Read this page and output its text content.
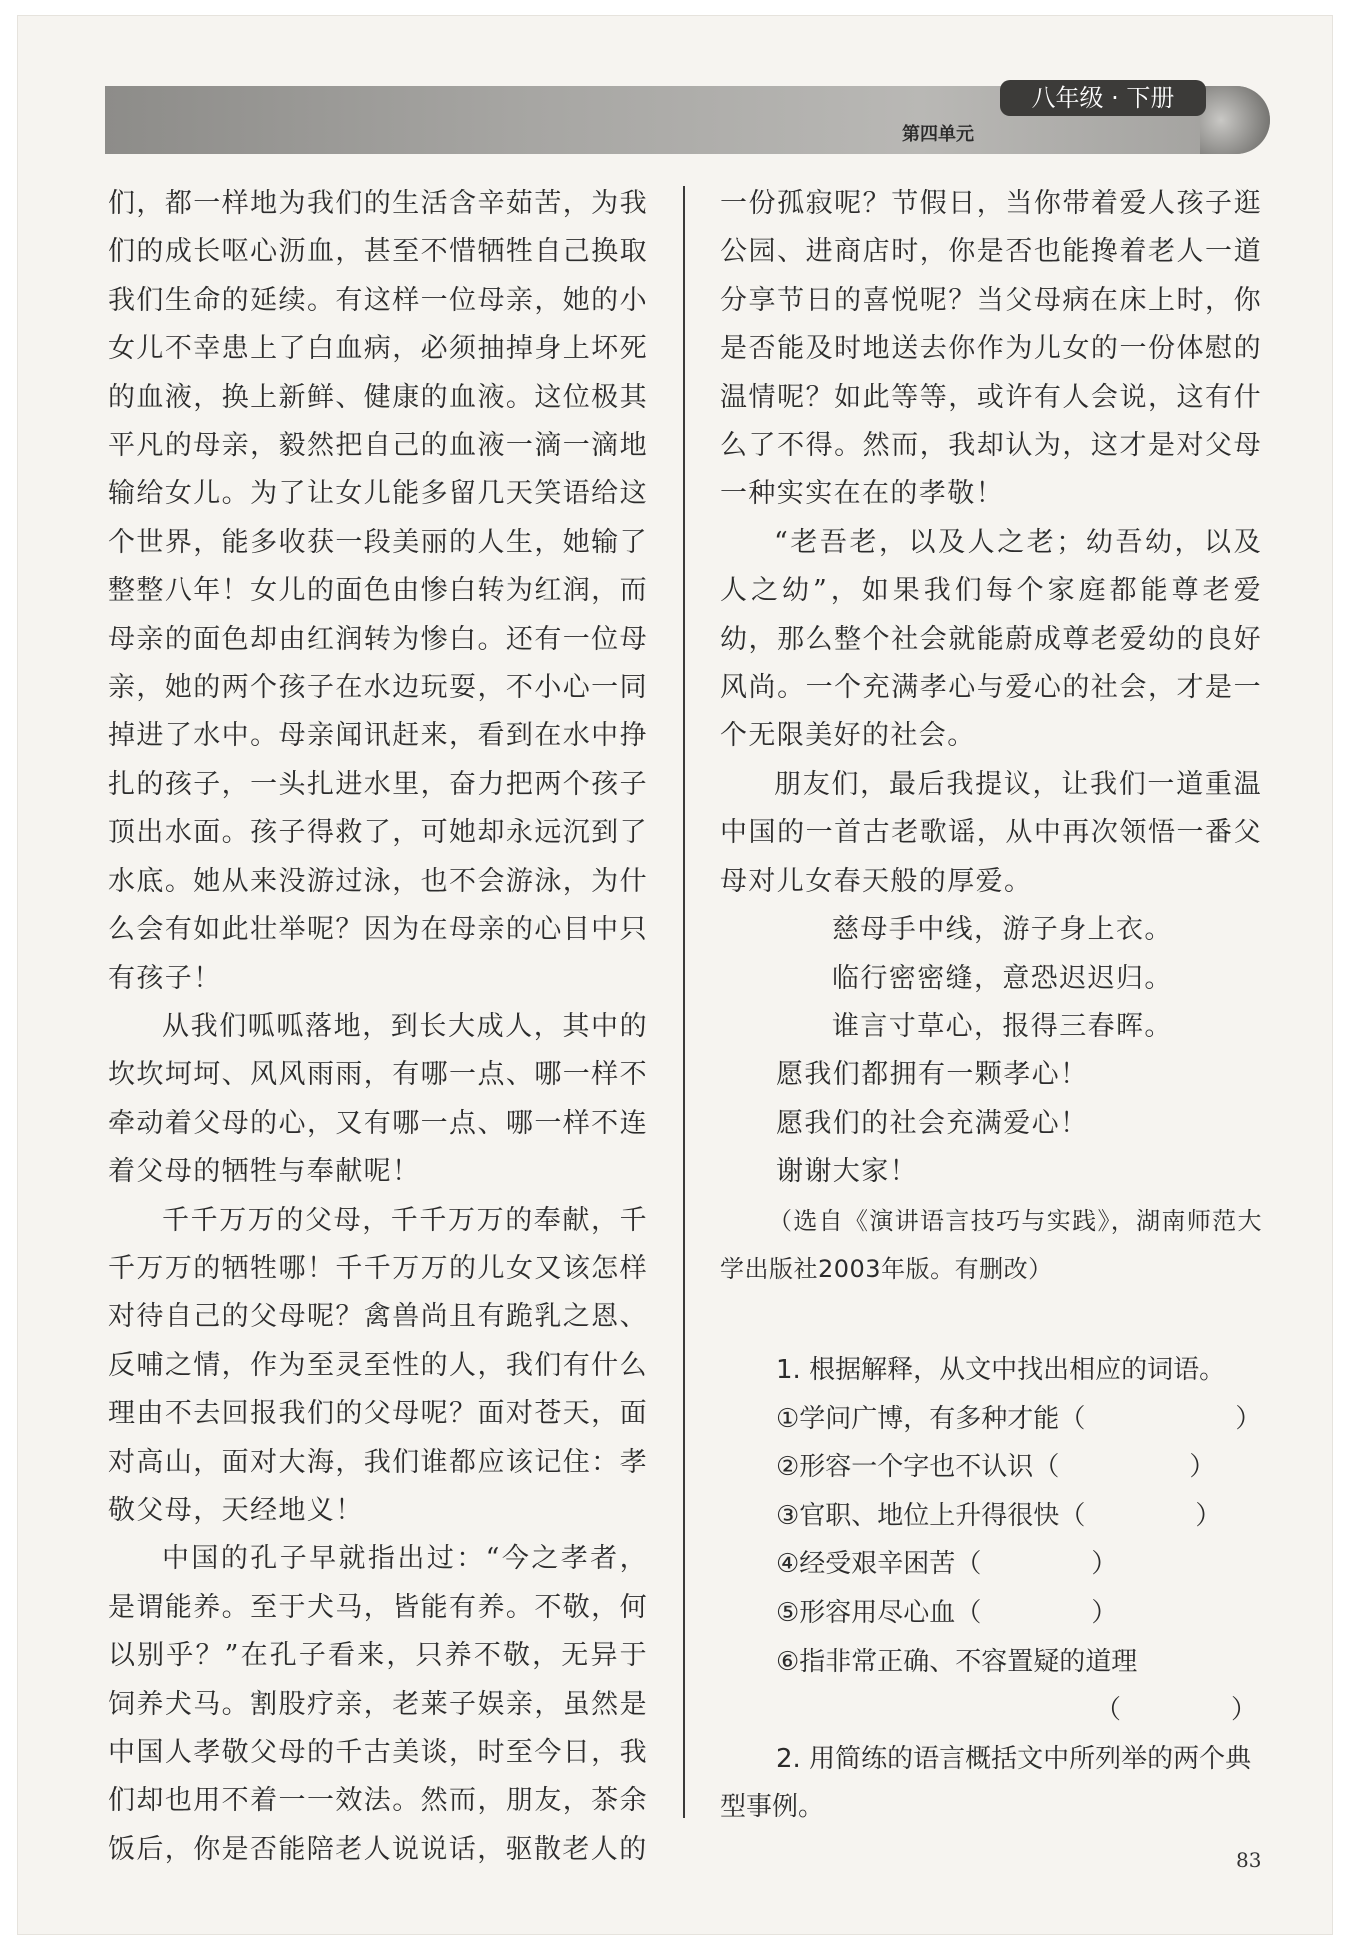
八年级 · 下册
第四单元

们，都一样地为我们的生活含辛茹苦，为我们的成长呕心沥血，甚至不惜牺牲自己换取我们生命的延续。有这样一位母亲，她的小女儿不幸患上了白血病，必须抽掉身上坏死的血液，换上新鲜、健康的血液。这位极其平凡的母亲，毅然把自己的血液一滴一滴地输给女儿。为了让女儿能多留几天笑语给这个世界，能多收获一段美丽的人生，她输了整整八年！女儿的面色由惨白转为红润，而母亲的面色却由红润转为惨白。还有一位母亲，她的两个孩子在水边玩耍，不小心一同掉进了水中。母亲闻讯赶来，看到在水中挣扎的孩子，一头扎进水里，奋力把两个孩子顶出水面。孩子得救了，可她却永远沉到了水底。她从来没游过泳，也不会游泳，为什么会有如此壮举呢？因为在母亲的心目中只有孩子！

从我们呱呱落地，到长大成人，其中的坎坎坷坷、风风雨雨，有哪一点、哪一样不牵动着父母的心，又有哪一点、哪一样不连着父母的牺牲与奉献呢！

千千万万的父母，千千万万的奉献，千千万万的牺牲哪！千千万万的儿女又该怎样对待自己的父母呢？禽兽尚且有跪乳之恩、反哺之情，作为至灵至性的人，我们有什么理由不去回报我们的父母呢？面对苍天，面对高山，面对大海，我们谁都应该记住：孝敬父母，天经地义！

中国的孔子早就指出过：“今之孝者，是谓能养。至于犬马，皆能有养。不敬，何以别乎？”在孔子看来，只养不敬，无异于饲养犬马。割股疗亲，老莱子娱亲，虽然是中国人孝敬父母的千古美谈，时至今日，我们却也用不着一一效法。然而，朋友，茶余饭后，你是否能陪老人说说话，驱散老人的

一份孤寂呢？节假日，当你带着爱人孩子逛公园、进商店时，你是否也能搀着老人一道分享节日的喜悦呢？当父母病在床上时，你是否能及时地送去你作为儿女的一份体慰的温情呢？如此等等，或许有人会说，这有什么了不得。然而，我却认为，这才是对父母一种实实在在的孝敬！

“老吾老，以及人之老；幼吾幼，以及人之幼”，如果我们每个家庭都能尊老爱幼，那么整个社会就能蔚成尊老爱幼的良好风尚。一个充满孝心与爱心的社会，才是一个无限美好的社会。

朋友们，最后我提议，让我们一道重温中国的一首古老歌谣，从中再次领悟一番父母对儿女春天般的厚爱。

慈母手中线，游子身上衣。

临行密密缝，意恐迟迟归。

谁言寸草心，报得三春晖。

愿我们都拥有一颗孝心！

愿我们的社会充满爱心！

谢谢大家！

（选自《演讲语言技巧与实践》，湖南师范大学出版社2003年版。有删改）

1. 根据解释，从文中找出相应的词语。

①学问广博，有多种才能（	）

②形容一个字也不认识（	）

③官职、地位上升得很快（	）

④经受艰辛困苦（	）

⑤形容用尽心血（	）

⑥指非常正确、不容置疑的道理

（	）

2. 用简练的语言概括文中所列举的两个典型事例。

83
